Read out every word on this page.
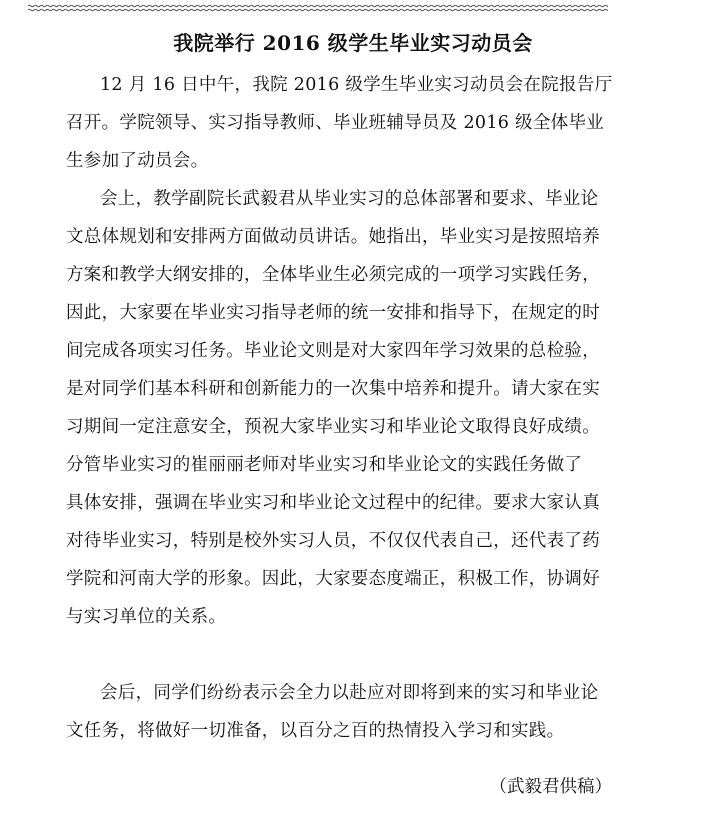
我院举行 2016 级学生毕业实习动员会

12 月 16 日中午，我院 2016 级学生毕业实习动员会在院报告厅
召开。学院领导、实习指导教师、毕业班辅导员及 2016 级全体毕业
生参加了动员会。

会上，教学副院长武毅君从毕业实习的总体部署和要求、毕业论
文总体规划和安排两方面做动员讲话。她指出，毕业实习是按照培养
方案和教学大纲安排的，全体毕业生必须完成的一项学习实践任务，
因此，大家要在毕业实习指导老师的统一安排和指导下，在规定的时
间完成各项实习任务。毕业论文则是对大家四年学习效果的总检验，
是对同学们基本科研和创新能力的一次集中培养和提升。请大家在实
习期间一定注意安全，预祝大家毕业实习和毕业论文取得良好成绩。
分管毕业实习的崔丽丽老师对毕业实习和毕业论文的实践任务做了
具体安排，强调在毕业实习和毕业论文过程中的纪律。要求大家认真
对待毕业实习，特别是校外实习人员，不仅仅代表自己，还代表了药
学院和河南大学的形象。因此，大家要态度端正，积极工作，协调好
与实习单位的关系。

会后，同学们纷纷表示会全力以赴应对即将到来的实习和毕业论
文任务，将做好一切准备，以百分之百的热情投入学习和实践。

（武毅君供稿）
